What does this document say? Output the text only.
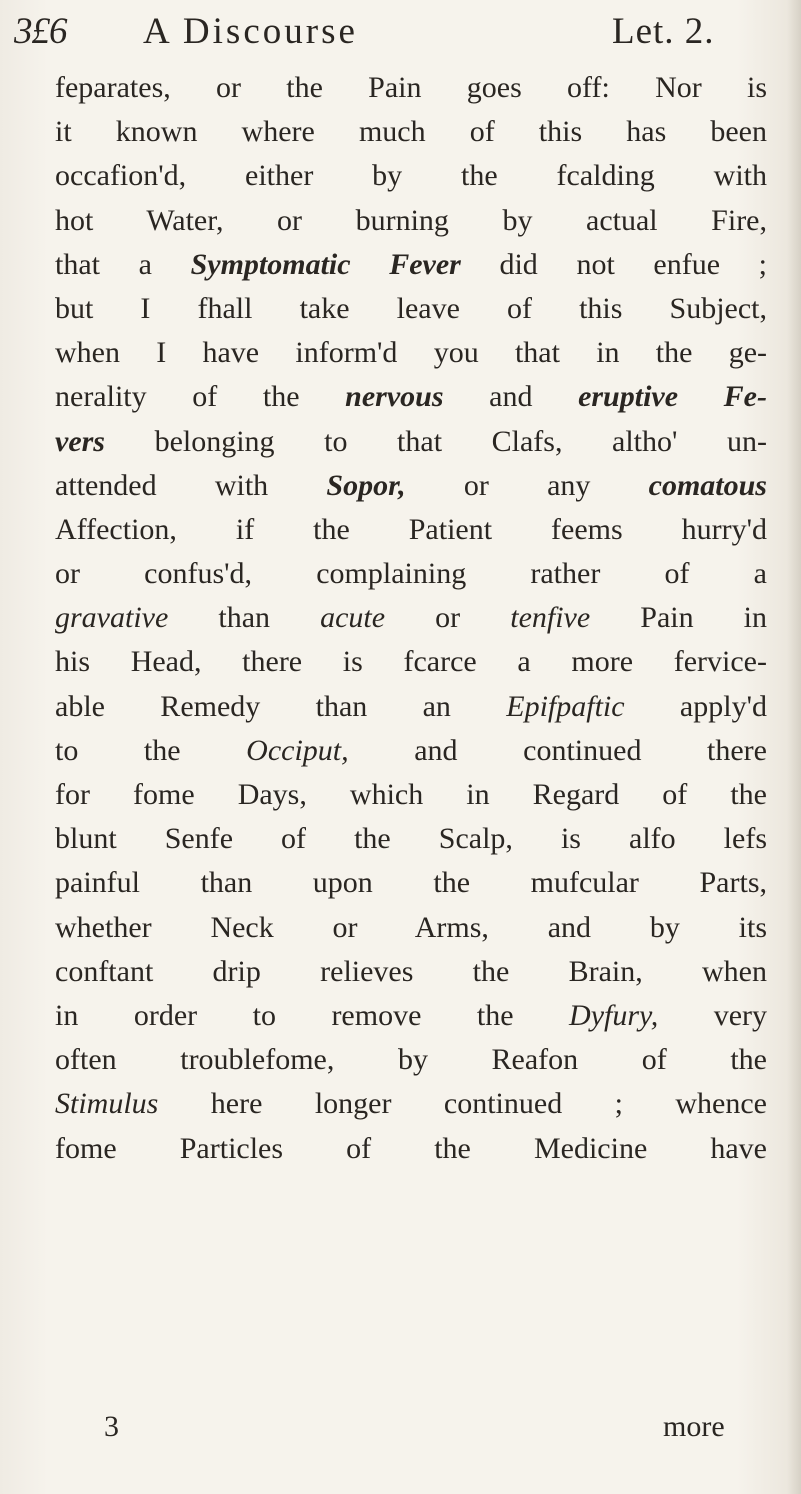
3£6 A Discourse	Let. 2.
feparates, or the Pain goes off: Nor is
it known where much of this has been
occafion'd, either by the fcalding with
hot Water, or burning by actual Fire,
that a Symptomatic Fever did not enfue ;
but I fhall take leave of this Subject,
when I have inform'd you that in the ge-
nerality of the nervous and eruptive Fe-
vers belonging to that Clafs, altho' un-
attended with Sopor, or any comatous
Affection, if the Patient feems hurry'd
or confus'd, complaining rather of a
gravative than acute or tenfive Pain in
his Head, there is fcarce a more fervice-
able Remedy than an Epifpaftic apply'd
to the Occiput, and continued there
for fome Days, which in Regard of the
blunt Senfe of the Scalp, is alfo lefs
painful than upon the mufcular Parts,
whether Neck or Arms, and by its
conftant drip relieves the Brain, when
in order to remove the Dyfury, very
often troublefome, by Reafon of the
Stimulus here longer continued ; whence
fome Particles of the Medicine have
3	more
